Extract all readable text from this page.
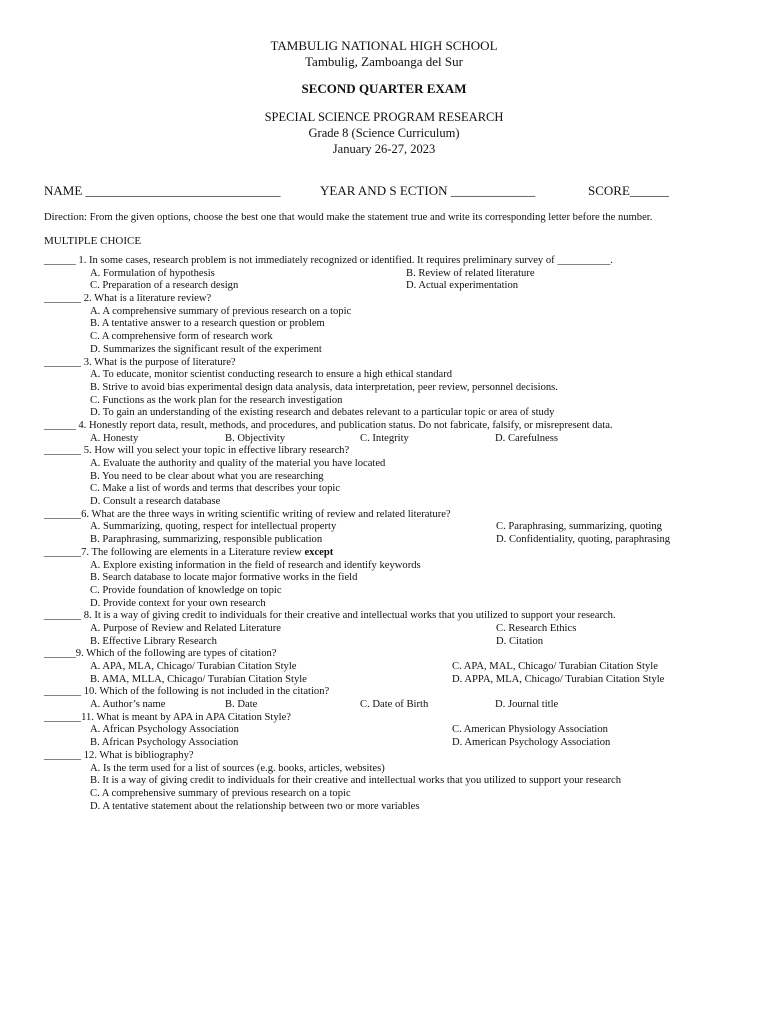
TAMBULIG NATIONAL HIGH SCHOOL
Tambulig, Zamboanga del Sur
SECOND QUARTER EXAM
SPECIAL SCIENCE PROGRAM RESEARCH
Grade 8 (Science Curriculum)
January 26-27, 2023
NAME ______________________________	YEAR AND S ECTION _____________	SCORE______
Direction: From the given options, choose the best one that would make the statement true and write its corresponding letter before the number.
MULTIPLE CHOICE
______ 1. In some cases, research problem is not immediately recognized or identified. It requires preliminary survey of __________.
A. Formulation of hypothesis	B. Review of related literature
C. Preparation of a research design	D. Actual experimentation
_______ 2. What is a literature review?
A. A comprehensive summary of previous research on a topic
B. A tentative answer to a research question or problem
C. A comprehensive form of research work
D. Summarizes the significant result of the experiment
_______ 3. What is the purpose of literature?
A. To educate, monitor scientist conducting research to ensure a high ethical standard
B. Strive to avoid bias experimental design data analysis, data interpretation, peer review, personnel decisions.
C. Functions as the work plan for the research investigation
D. To gain an understanding of the existing research and debates relevant to a particular topic or area of study
______ 4. Honestly report data, result, methods, and procedures, and publication status. Do not fabricate, falsify, or misrepresent data.
A. Honesty	B. Objectivity	C. Integrity	D. Carefulness
_______ 5. How will you select your topic in effective library research?
A. Evaluate the authority and quality of the material you have located
B. You need to be clear about what you are researching
C. Make a list of words and terms that describes your topic
D. Consult a research database
_______6. What are the three ways in writing scientific writing of review and related literature?
A. Summarizing, quoting, respect for intellectual property	C. Paraphrasing, summarizing, quoting
B. Paraphrasing, summarizing, responsible publication	D. Confidentiality, quoting, paraphrasing
_______7. The following are elements in a Literature review
except
A. Explore existing information in the field of research and identify keywords
B. Search database to locate major formative works in the field
C. Provide foundation of knowledge on topic
D. Provide context for your own research
_______ 8. It is a way of giving credit to individuals for their creative and intellectual works that you utilized to support your research.
A. Purpose of Review and Related Literature	C. Research Ethics
B. Effective Library Research	D. Citation
______9. Which of the following are types of citation?
A. APA, MLA, Chicago/ Turabian Citation Style	C. APA, MAL, Chicago/ Turabian Citation Style
B. AMA, MLLA, Chicago/ Turabian Citation Style	D. APPA, MLA, Chicago/ Turabian Citation Style
_______ 10. Which of the following is not included in the citation?
A. Author’s name	B. Date	C. Date of Birth	D. Journal title
_______11. What is meant by APA in APA Citation Style?
A. African Psychology Association	C. American Physiology Association
B. African Psychology Association	D. American Psychology Association
_______ 12. What is bibliography?
A. Is the term used for a list of sources (e.g. books, articles, websites)
B. It is a way of giving credit to individuals for their creative and intellectual works that you utilized to support your research
C. A comprehensive summary of previous research on a topic
D. A tentative statement about the relationship between two or more variables
